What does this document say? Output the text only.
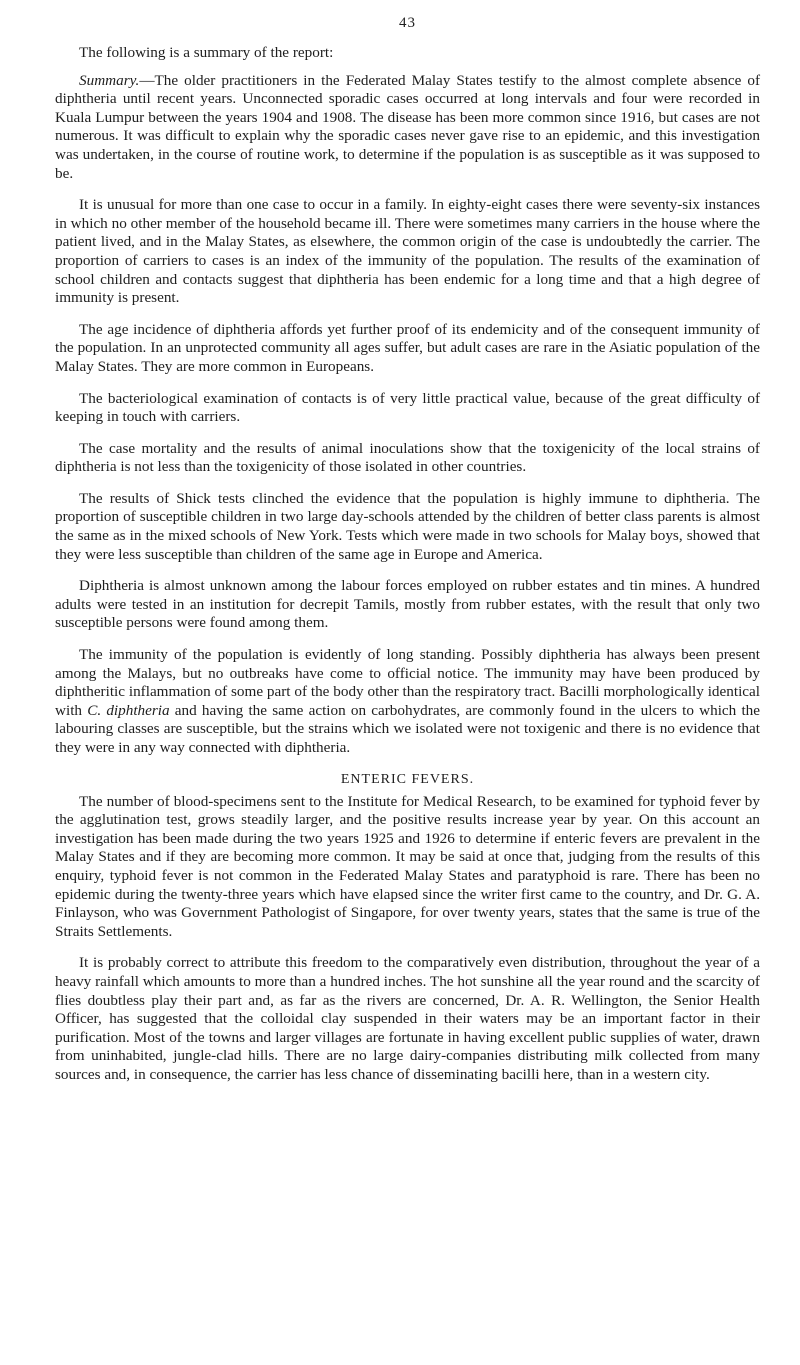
43

The following is a summary of the report:

Summary.—The older practitioners in the Federated Malay States testify to the almost complete absence of diphtheria until recent years. Unconnected sporadic cases occurred at long intervals and four were recorded in Kuala Lumpur between the years 1904 and 1908. The disease has been more common since 1916, but cases are not numerous. It was difficult to explain why the sporadic cases never gave rise to an epidemic, and this investigation was undertaken, in the course of routine work, to determine if the population is as susceptible as it was supposed to be.

It is unusual for more than one case to occur in a family. In eighty-eight cases there were seventy-six instances in which no other member of the household became ill. There were sometimes many carriers in the house where the patient lived, and in the Malay States, as elsewhere, the common origin of the case is undoubtedly the carrier. The proportion of carriers to cases is an index of the immunity of the population. The results of the examination of school children and contacts suggest that diphtheria has been endemic for a long time and that a high degree of immunity is present.

The age incidence of diphtheria affords yet further proof of its endemicity and of the consequent immunity of the population. In an unprotected community all ages suffer, but adult cases are rare in the Asiatic population of the Malay States. They are more common in Europeans.

The bacteriological examination of contacts is of very little practical value, because of the great difficulty of keeping in touch with carriers.

The case mortality and the results of animal inoculations show that the toxigenicity of the local strains of diphtheria is not less than the toxigenicity of those isolated in other countries.

The results of Shick tests clinched the evidence that the population is highly immune to diphtheria. The proportion of susceptible children in two large day-schools attended by the children of better class parents is almost the same as in the mixed schools of New York. Tests which were made in two schools for Malay boys, showed that they were less susceptible than children of the same age in Europe and America.

Diphtheria is almost unknown among the labour forces employed on rubber estates and tin mines. A hundred adults were tested in an institution for decrepit Tamils, mostly from rubber estates, with the result that only two susceptible persons were found among them.

The immunity of the population is evidently of long standing. Possibly diphtheria has always been present among the Malays, but no outbreaks have come to official notice. The immunity may have been produced by diphtheritic inflammation of some part of the body other than the respiratory tract. Bacilli morphologically identical with C. diphtheria and having the same action on carbohydrates, are commonly found in the ulcers to which the labouring classes are susceptible, but the strains which we isolated were not toxigenic and there is no evidence that they were in any way connected with diphtheria.

ENTERIC FEVERS.

The number of blood-specimens sent to the Institute for Medical Research, to be examined for typhoid fever by the agglutination test, grows steadily larger, and the positive results increase year by year. On this account an investigation has been made during the two years 1925 and 1926 to determine if enteric fevers are prevalent in the Malay States and if they are becoming more common. It may be said at once that, judging from the results of this enquiry, typhoid fever is not common in the Federated Malay States and paratyphoid is rare. There has been no epidemic during the twenty-three years which have elapsed since the writer first came to the country, and Dr. G. A. Finlayson, who was Government Pathologist of Singapore, for over twenty years, states that the same is true of the Straits Settlements.

It is probably correct to attribute this freedom to the comparatively even distribution, throughout the year of a heavy rainfall which amounts to more than a hundred inches. The hot sunshine all the year round and the scarcity of flies doubtless play their part and, as far as the rivers are concerned, Dr. A. R. Wellington, the Senior Health Officer, has suggested that the colloidal clay suspended in their waters may be an important factor in their purification. Most of the towns and larger villages are fortunate in having excellent public supplies of water, drawn from uninhabited, jungle-clad hills. There are no large dairy-companies distributing milk collected from many sources and, in consequence, the carrier has less chance of disseminating bacilli here, than in a western city.
